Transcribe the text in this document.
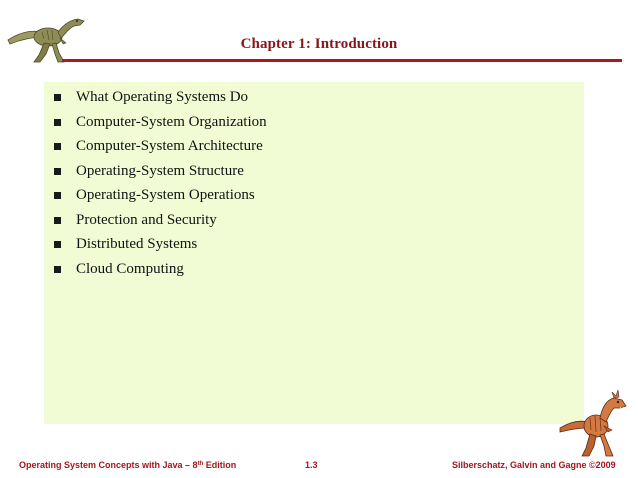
Chapter 1: Introduction
What Operating Systems Do
Computer-System Organization
Computer-System Architecture
Operating-System Structure
Operating-System Operations
Protection and Security
Distributed Systems
Cloud Computing
Operating System Concepts with Java – 8th Edition	1.3	Silberschatz, Galvin and Gagne ©2009
